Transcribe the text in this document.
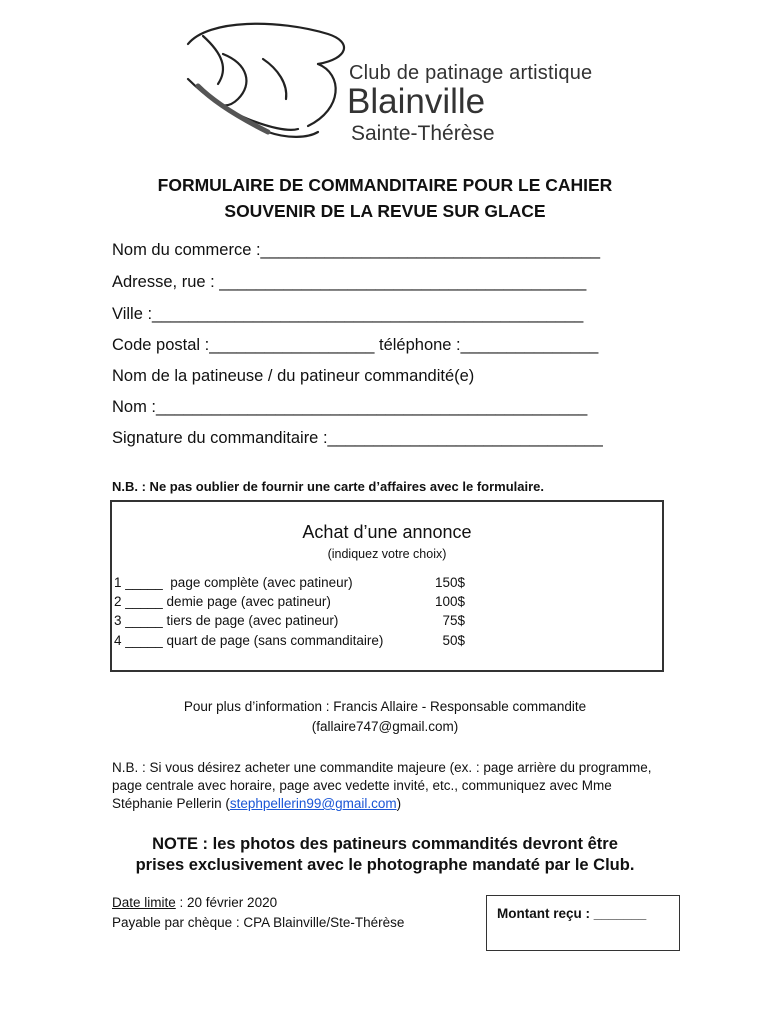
Club de patinage artistique
Blainville
Sainte-Thérèse
FORMULAIRE DE COMMANDITAIRE POUR LE CAHIER
SOUVENIR DE LA REVUE SUR GLACE
Nom du commerce :_____________________________________
Adresse, rue : ________________________________________
Ville :_______________________________________________
Code postal :__________________ téléphone :_______________
Nom de la patineuse / du patineur commandité(e)
Nom :_______________________________________________
Signature du commanditaire :______________________________
N.B. : Ne pas oublier de fournir une carte d’affaires avec le formulaire.
Achat d’une annonce
(indiquez votre choix)
1 _____  page complète (avec patineur)	150$
2 _____ demie page (avec patineur)	100$
3 _____ tiers de page (avec patineur)	75$
4 _____ quart de page (sans commanditaire)	50$
Pour plus d’information : Francis Allaire - Responsable commandite
(fallaire747@gmail.com)
N.B. : Si vous désirez acheter une commandite majeure (ex. : page arrière du programme, page centrale avec horaire, page avec vedette invité, etc., communiquez avec Mme Stéphanie Pellerin (stephpellerin99@gmail.com)
NOTE : les photos des patineurs commandités devront être
prises exclusivement avec le photographe mandaté par le Club.
Date limite : 20 février 2020
Payable par chèque : CPA Blainville/Ste-Thérèse
Montant reçu : _______
